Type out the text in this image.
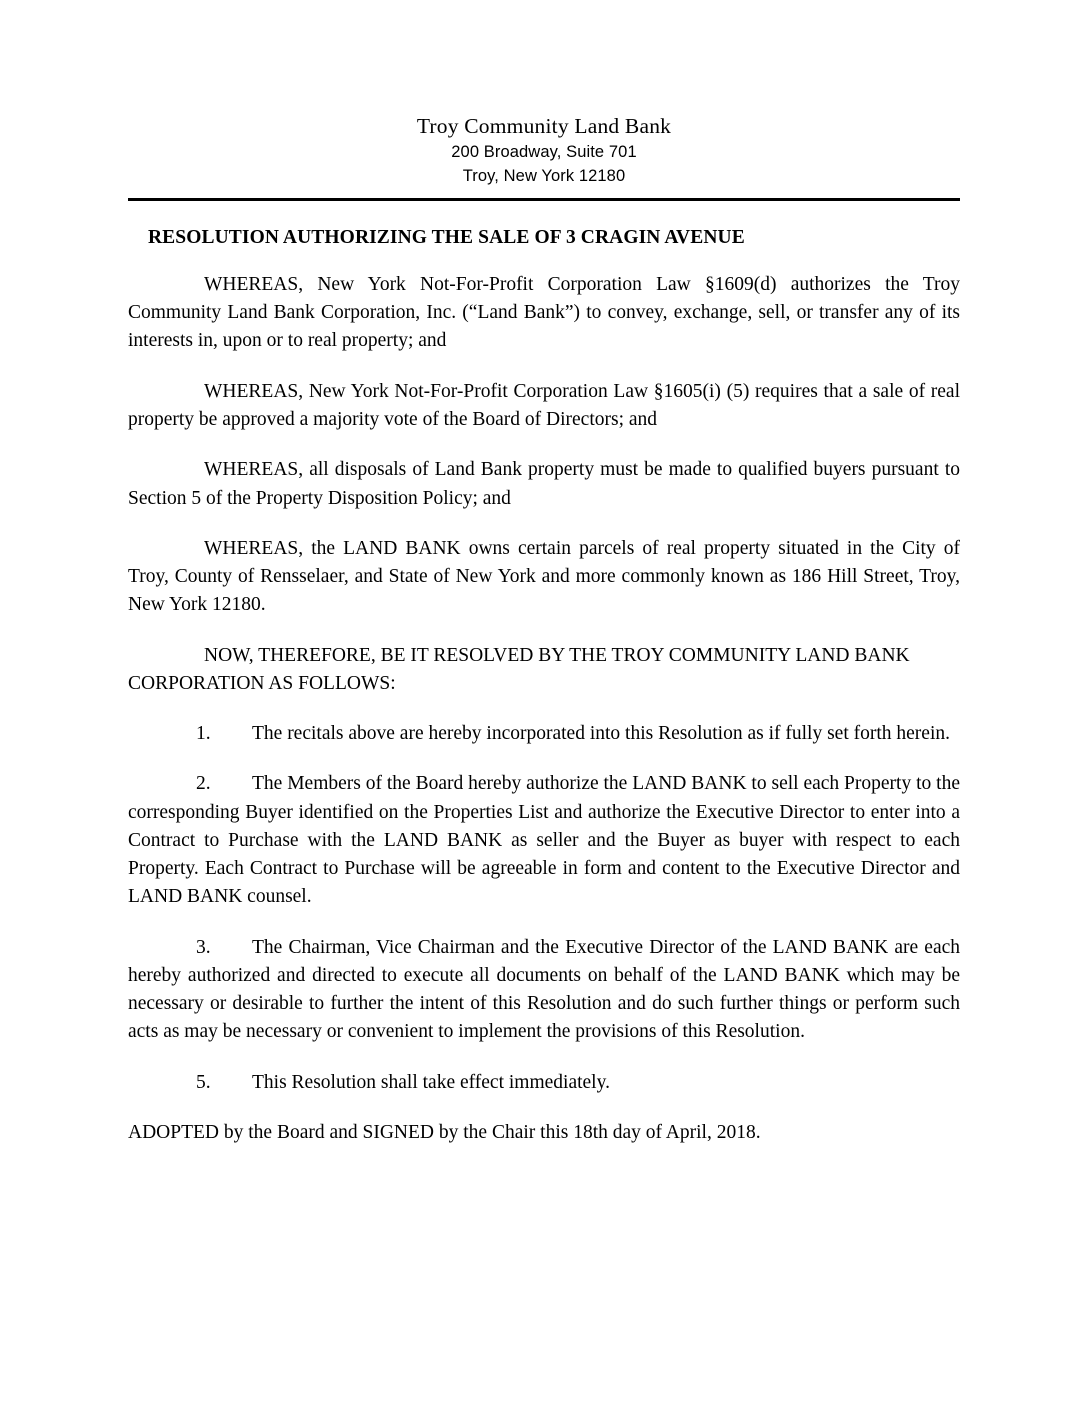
Troy Community Land Bank
200 Broadway, Suite 701
Troy, New York 12180
RESOLUTION AUTHORIZING THE SALE OF 3 CRAGIN AVENUE

WHEREAS, New York Not-For-Profit Corporation Law §1609(d) authorizes the Troy Community Land Bank Corporation, Inc. (“Land Bank”) to convey, exchange, sell, or transfer any of its interests in, upon or to real property; and

WHEREAS, New York Not-For-Profit Corporation Law §1605(i) (5) requires that a sale of real property be approved a majority vote of the Board of Directors; and

WHEREAS, all disposals of Land Bank property must be made to qualified buyers pursuant to Section 5 of the Property Disposition Policy; and

WHEREAS, the LAND BANK owns certain parcels of real property situated in the City of Troy, County of Rensselaer, and State of New York and more commonly known as 186 Hill Street, Troy, New York 12180.

NOW, THEREFORE, BE IT RESOLVED BY THE TROY COMMUNITY LAND BANK CORPORATION AS FOLLOWS:

1. The recitals above are hereby incorporated into this Resolution as if fully set forth herein.

2. The Members of the Board hereby authorize the LAND BANK to sell each Property to the corresponding Buyer identified on the Properties List and authorize the Executive Director to enter into a Contract to Purchase with the LAND BANK as seller and the Buyer as buyer with respect to each Property. Each Contract to Purchase will be agreeable in form and content to the Executive Director and LAND BANK counsel.

3. The Chairman, Vice Chairman and the Executive Director of the LAND BANK are each hereby authorized and directed to execute all documents on behalf of the LAND BANK which may be necessary or desirable to further the intent of this Resolution and do such further things or perform such acts as may be necessary or convenient to implement the provisions of this Resolution.

5. This Resolution shall take effect immediately.

ADOPTED by the Board and SIGNED by the Chair this 18th day of April, 2018.
